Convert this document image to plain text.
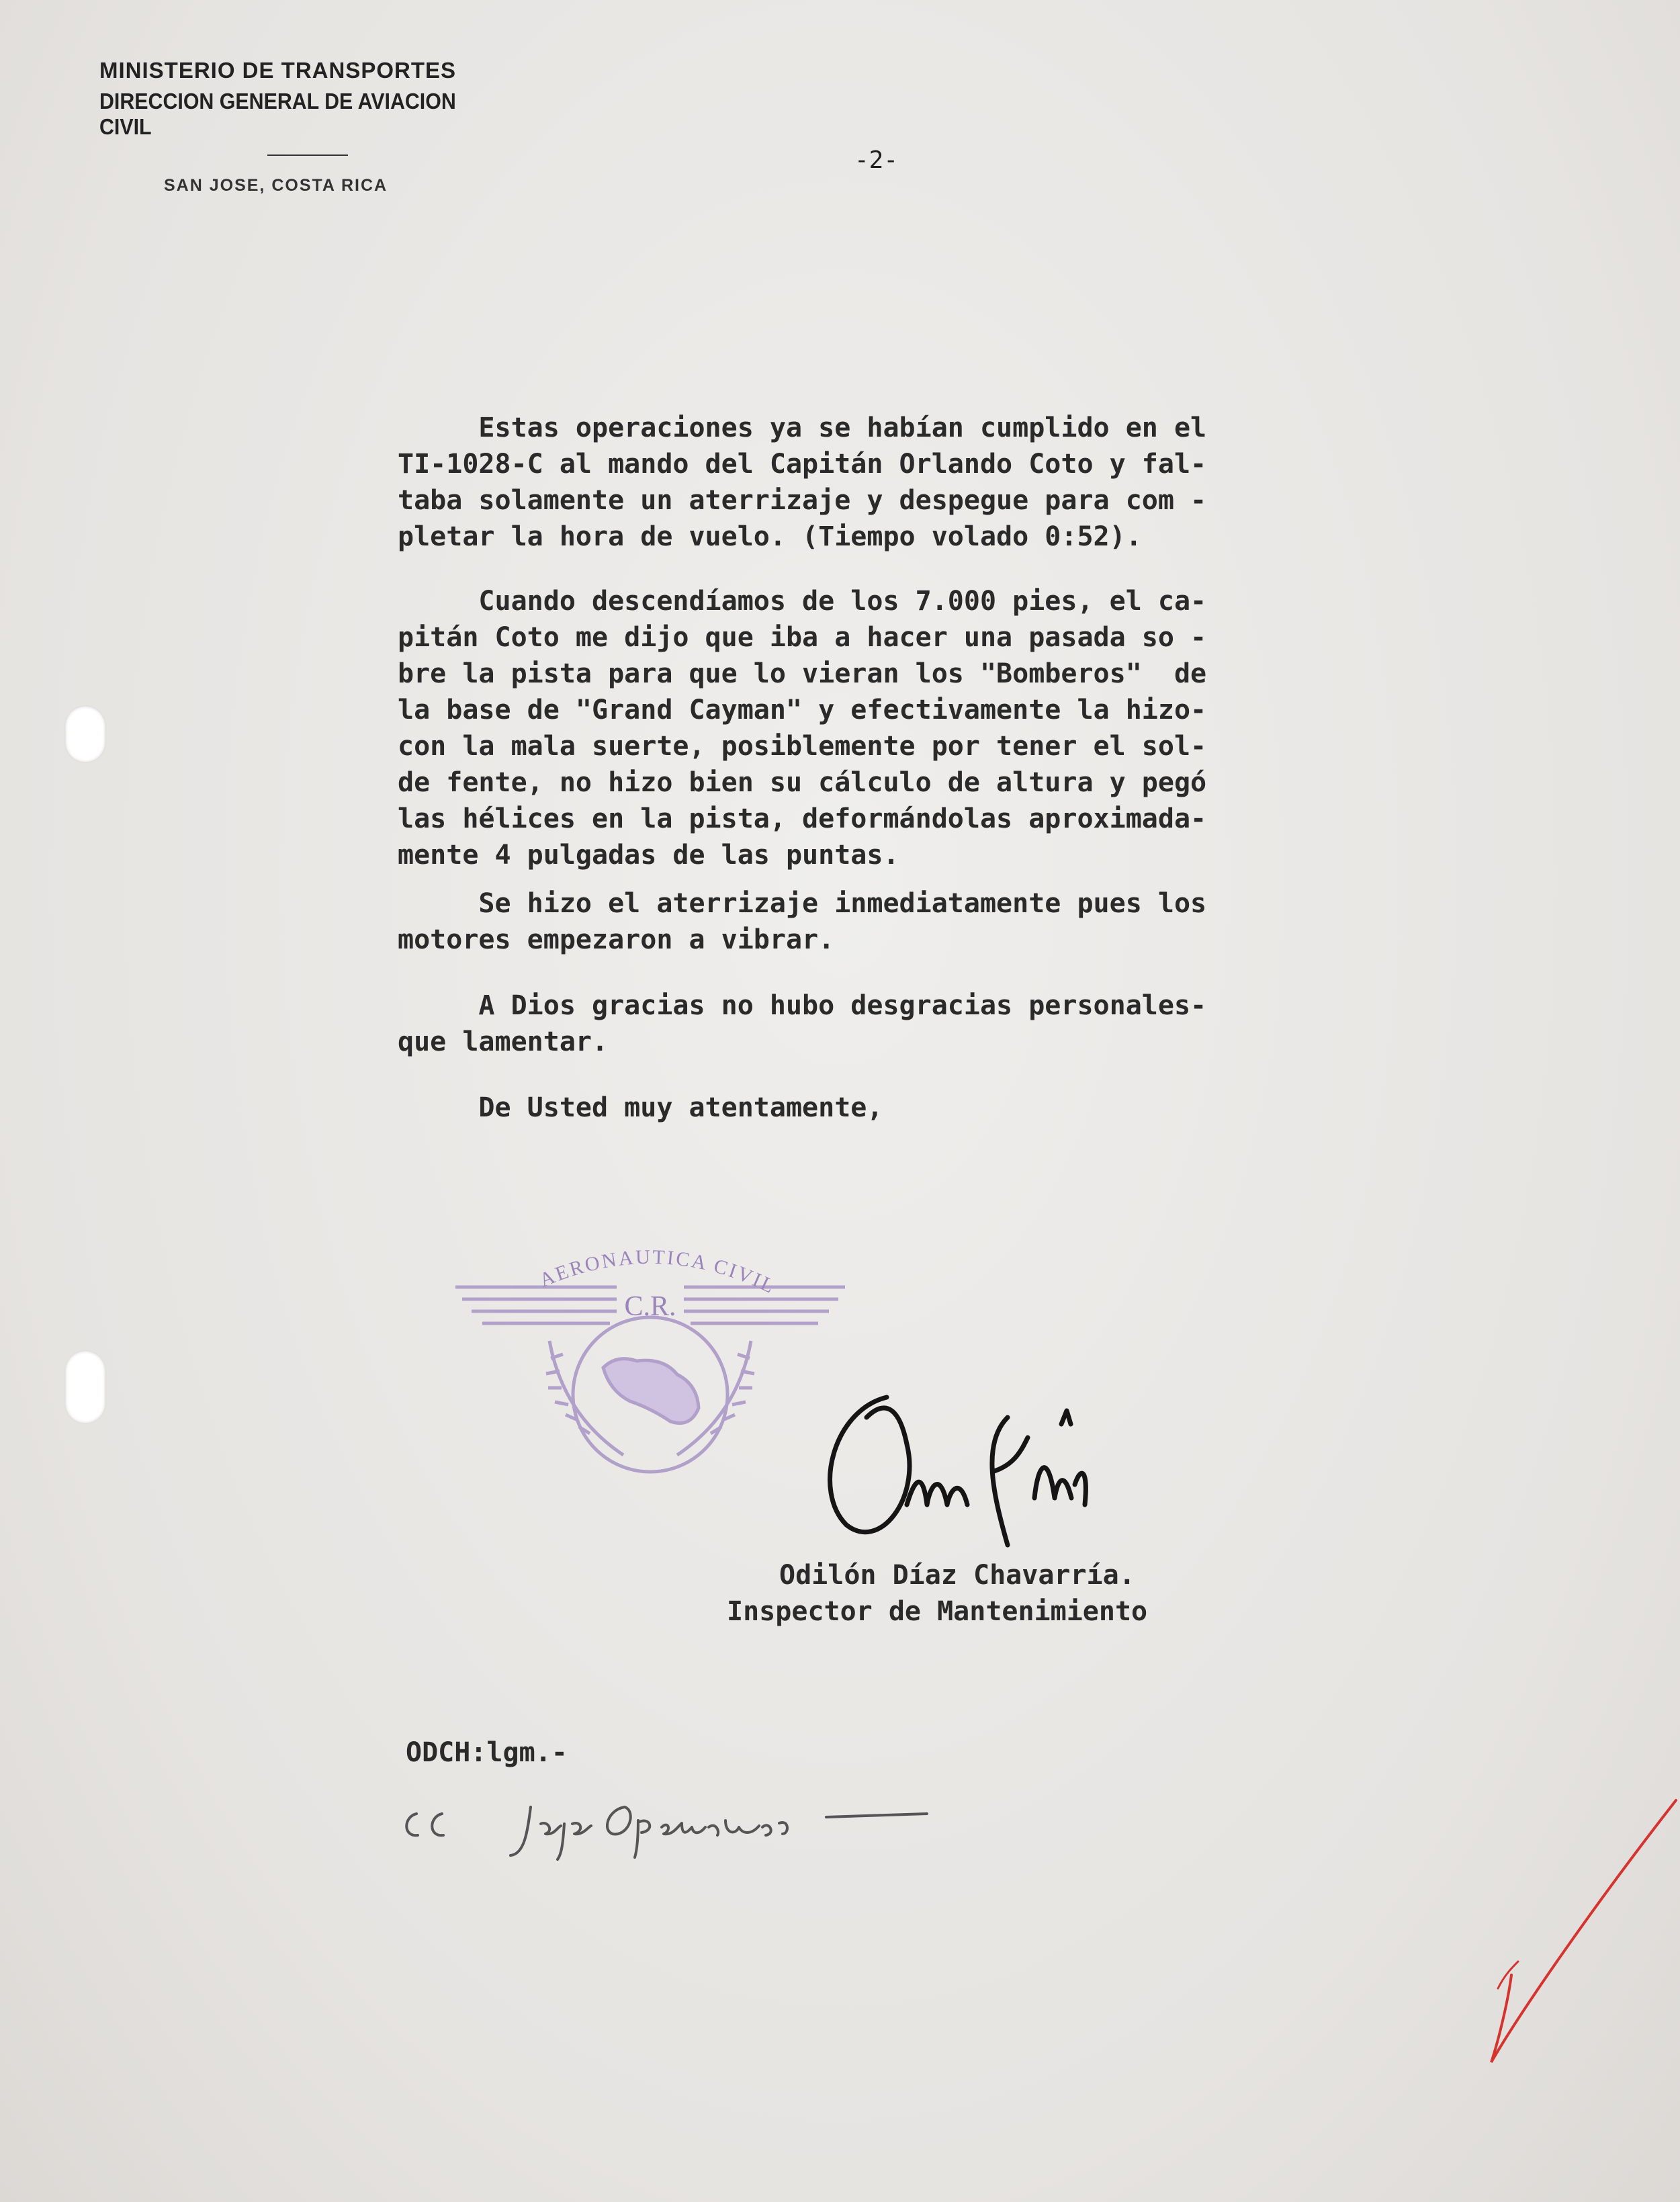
MINISTERIO DE TRANSPORTES
DIRECCION GENERAL DE AVIACION CIVIL
SAN JOSE, COSTA RICA
-2-
Estas operaciones ya se habían cumplido en el
TI-1028-C al mando del Capitán Orlando Coto y fal-
taba solamente un aterrizaje y despegue para com -
pletar la hora de vuelo. (Tiempo volado 0:52).
Cuando descendíamos de los 7.000 pies, el ca-
pitán Coto me dijo que iba a hacer una pasada so -
bre la pista para que lo vieran los "Bomberos"  de
la base de "Grand Cayman" y efectivamente la hizo-
con la mala suerte, posiblemente por tener el sol-
de fente, no hizo bien su cálculo de altura y pegó
las hélices en la pista, deformándolas aproximada-
mente 4 pulgadas de las puntas.
Se hizo el aterrizaje inmediatamente pues los
motores empezaron a vibrar.
A Dios gracias no hubo desgracias personales-
que lamentar.
De Usted muy atentamente,
AERONAUTICA CIVIL
C.R.
Odilón Díaz Chavarría.
Inspector de Mantenimiento
ODCH:lgm.-
